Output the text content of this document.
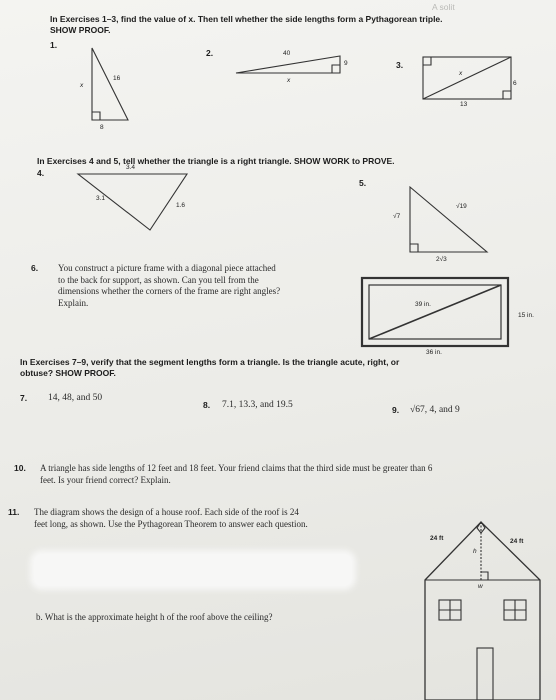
A solit
In Exercises 1–3, find the value of x. Then tell whether the side lengths form a Pythagorean triple.
SHOW PROOF.
1.
x
16
8
2.	40
9
x
3.
x
6
13
In Exercises 4 and 5, tell whether the triangle is a right triangle. SHOW WORK to PROVE.
4.
3.4
3.1
1.6
5.
√7
√19
2√3
6. You construct a picture frame with a diagonal piece attached
to the back for support, as shown. Can you tell from the
dimensions whether the corners of the frame are right angles?
Explain.	39 in.
15 in.
36 in.
In Exercises 7–9, verify that the segment lengths form a triangle. Is the triangle acute, right, or
obtuse? SHOW PROOF.
7. 14, 48, and 50
8. 7.1, 13.3, and 19.5	9. √67, 4, and 9
10. A triangle has side lengths of 12 feet and 18 feet. Your friend claims that the third side must be greater than 6
feet. Is your friend correct? Explain.
11. The diagram shows the design of a house roof. Each side of the roof is 24
feet long, as shown. Use the Pythagorean Theorem to answer each question.
b. What is the approximate height h of the roof above the ceiling?
24 ft	24 ft
h
w
